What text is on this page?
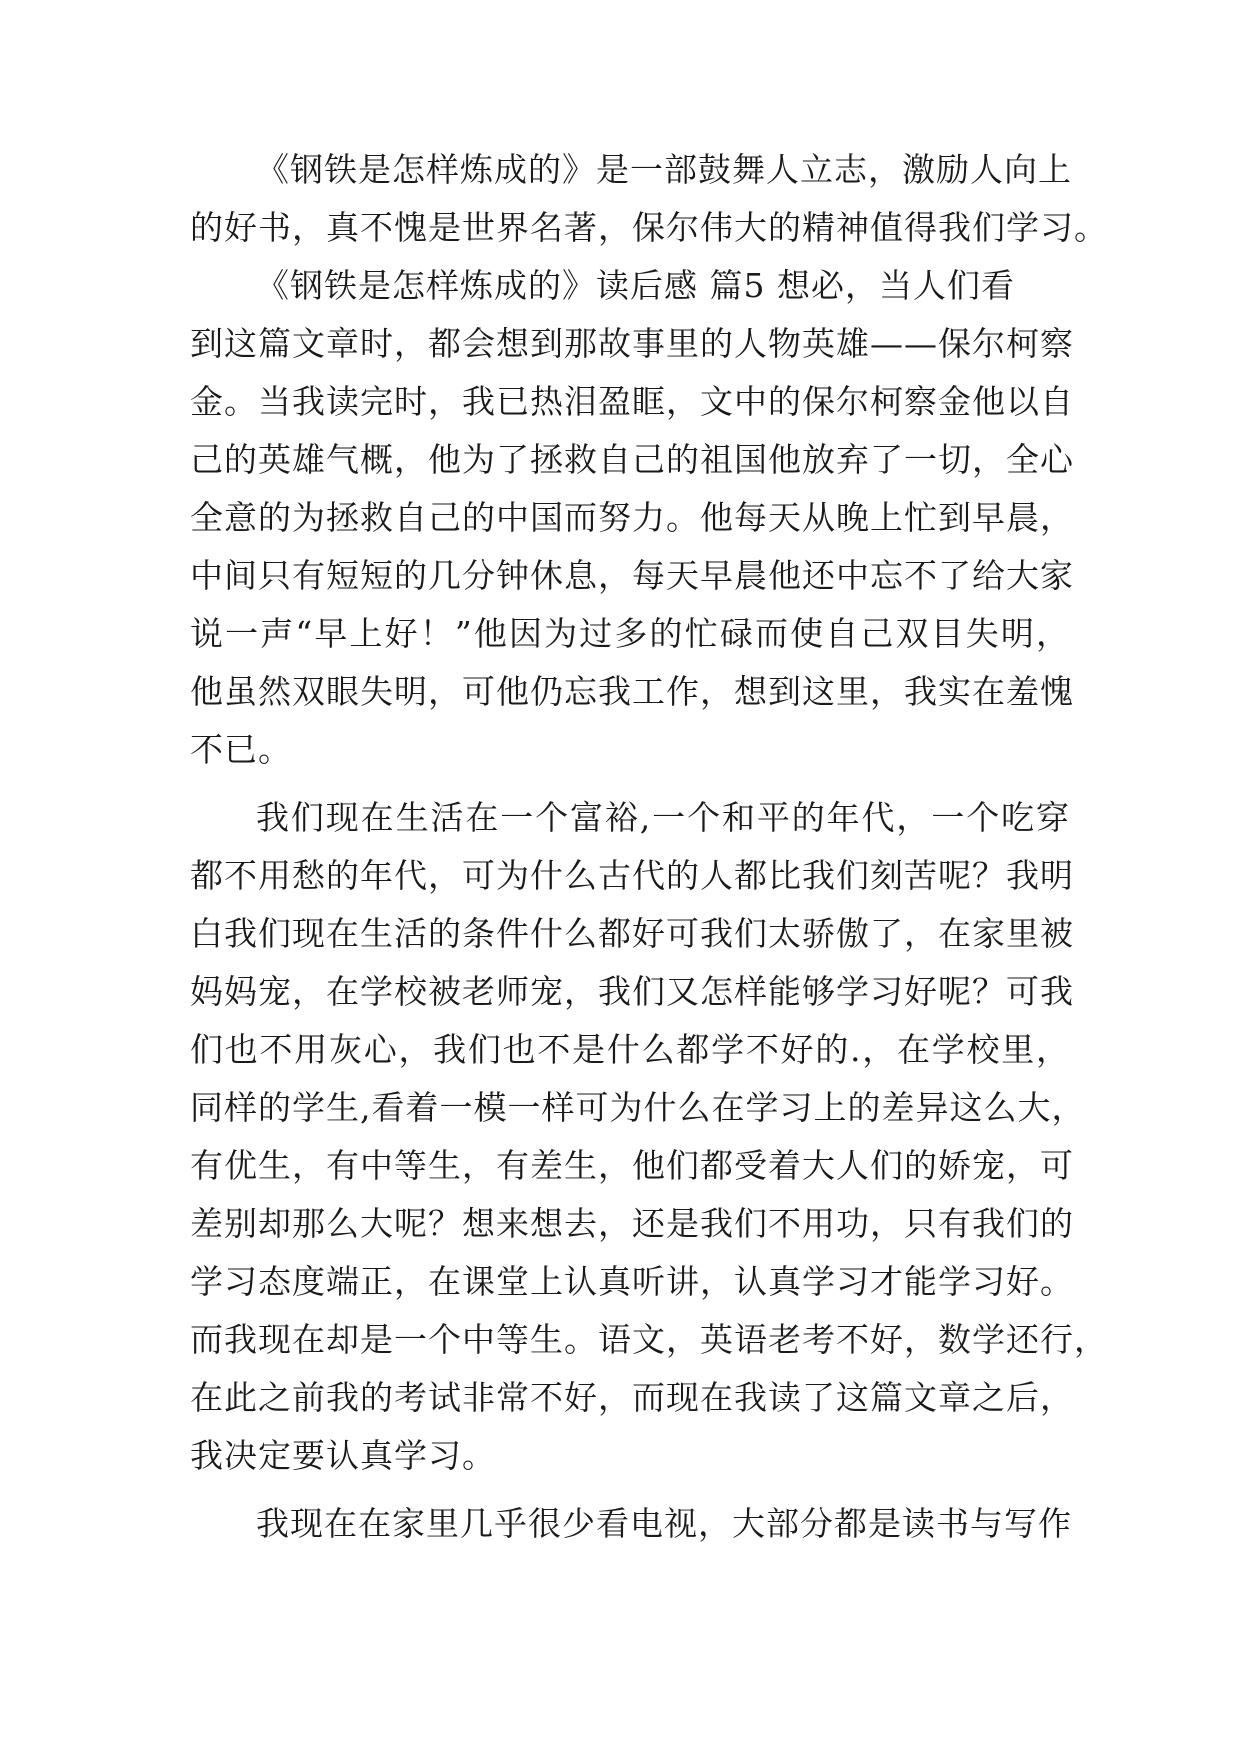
《钢铁是怎样炼成的》是一部鼓舞人立志，激励人向上
的好书，真不愧是世界名著，保尔伟大的精神值得我们学习。
《钢铁是怎样炼成的》读后感 篇5 想必，当人们看
到这篇文章时，都会想到那故事里的人物英雄——保尔柯察
金。当我读完时，我已热泪盈眶，文中的保尔柯察金他以自
己的英雄气概，他为了拯救自己的祖国他放弃了一切，全心
全意的为拯救自己的中国而努力。他每天从晚上忙到早晨，
中间只有短短的几分钟休息，每天早晨他还中忘不了给大家
说一声“早上好！”他因为过多的忙碌而使自己双目失明，
他虽然双眼失明，可他仍忘我工作，想到这里，我实在羞愧
不已。
我们现在生活在一个富裕,一个和平的年代，一个吃穿
都不用愁的年代，可为什么古代的人都比我们刻苦呢？我明
白我们现在生活的条件什么都好可我们太骄傲了，在家里被
妈妈宠，在学校被老师宠，我们又怎样能够学习好呢？可我
们也不用灰心，我们也不是什么都学不好的.，在学校里，
同样的学生,看着一模一样可为什么在学习上的差异这么大，
有优生，有中等生，有差生，他们都受着大人们的娇宠，可
差别却那么大呢？想来想去，还是我们不用功，只有我们的
学习态度端正，在课堂上认真听讲，认真学习才能学习好。
而我现在却是一个中等生。语文，英语老考不好，数学还行，
在此之前我的考试非常不好，而现在我读了这篇文章之后，
我决定要认真学习。
我现在在家里几乎很少看电视，大部分都是读书与写作
